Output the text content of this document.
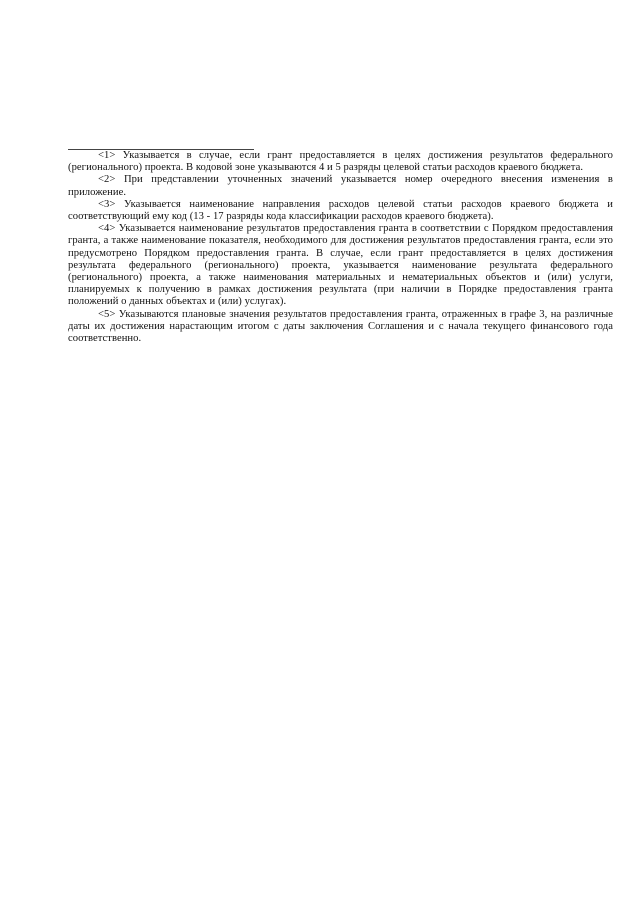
<1> Указывается в случае, если грант предоставляется в целях достижения результатов федерального (регионального) проекта. В кодовой зоне указываются 4 и 5 разряды целевой статьи расходов краевого бюджета.

<2> При представлении уточненных значений указывается номер очередного внесения изменения в приложение.

<3> Указывается наименование направления расходов целевой статьи расходов краевого бюджета и соответствующий ему код (13 - 17 разряды кода классификации расходов краевого бюджета).

<4> Указывается наименование результатов предоставления гранта в соответствии с Порядком предоставления гранта, а также наименование показателя, необходимого для достижения результатов предоставления гранта, если это предусмотрено Порядком предоставления гранта. В случае, если грант предоставляется в целях достижения результата федерального (регионального) проекта, указывается наименование результата федерального (регионального) проекта, а также наименования материальных и нематериальных объектов и (или) услуги, планируемых к получению в рамках достижения результата (при наличии в Порядке предоставления гранта положений о данных объектах и (или) услугах).

<5> Указываются плановые значения результатов предоставления гранта, отраженных в графе 3, на различные даты их достижения нарастающим итогом с даты заключения Соглашения и с начала текущего финансового года соответственно.
